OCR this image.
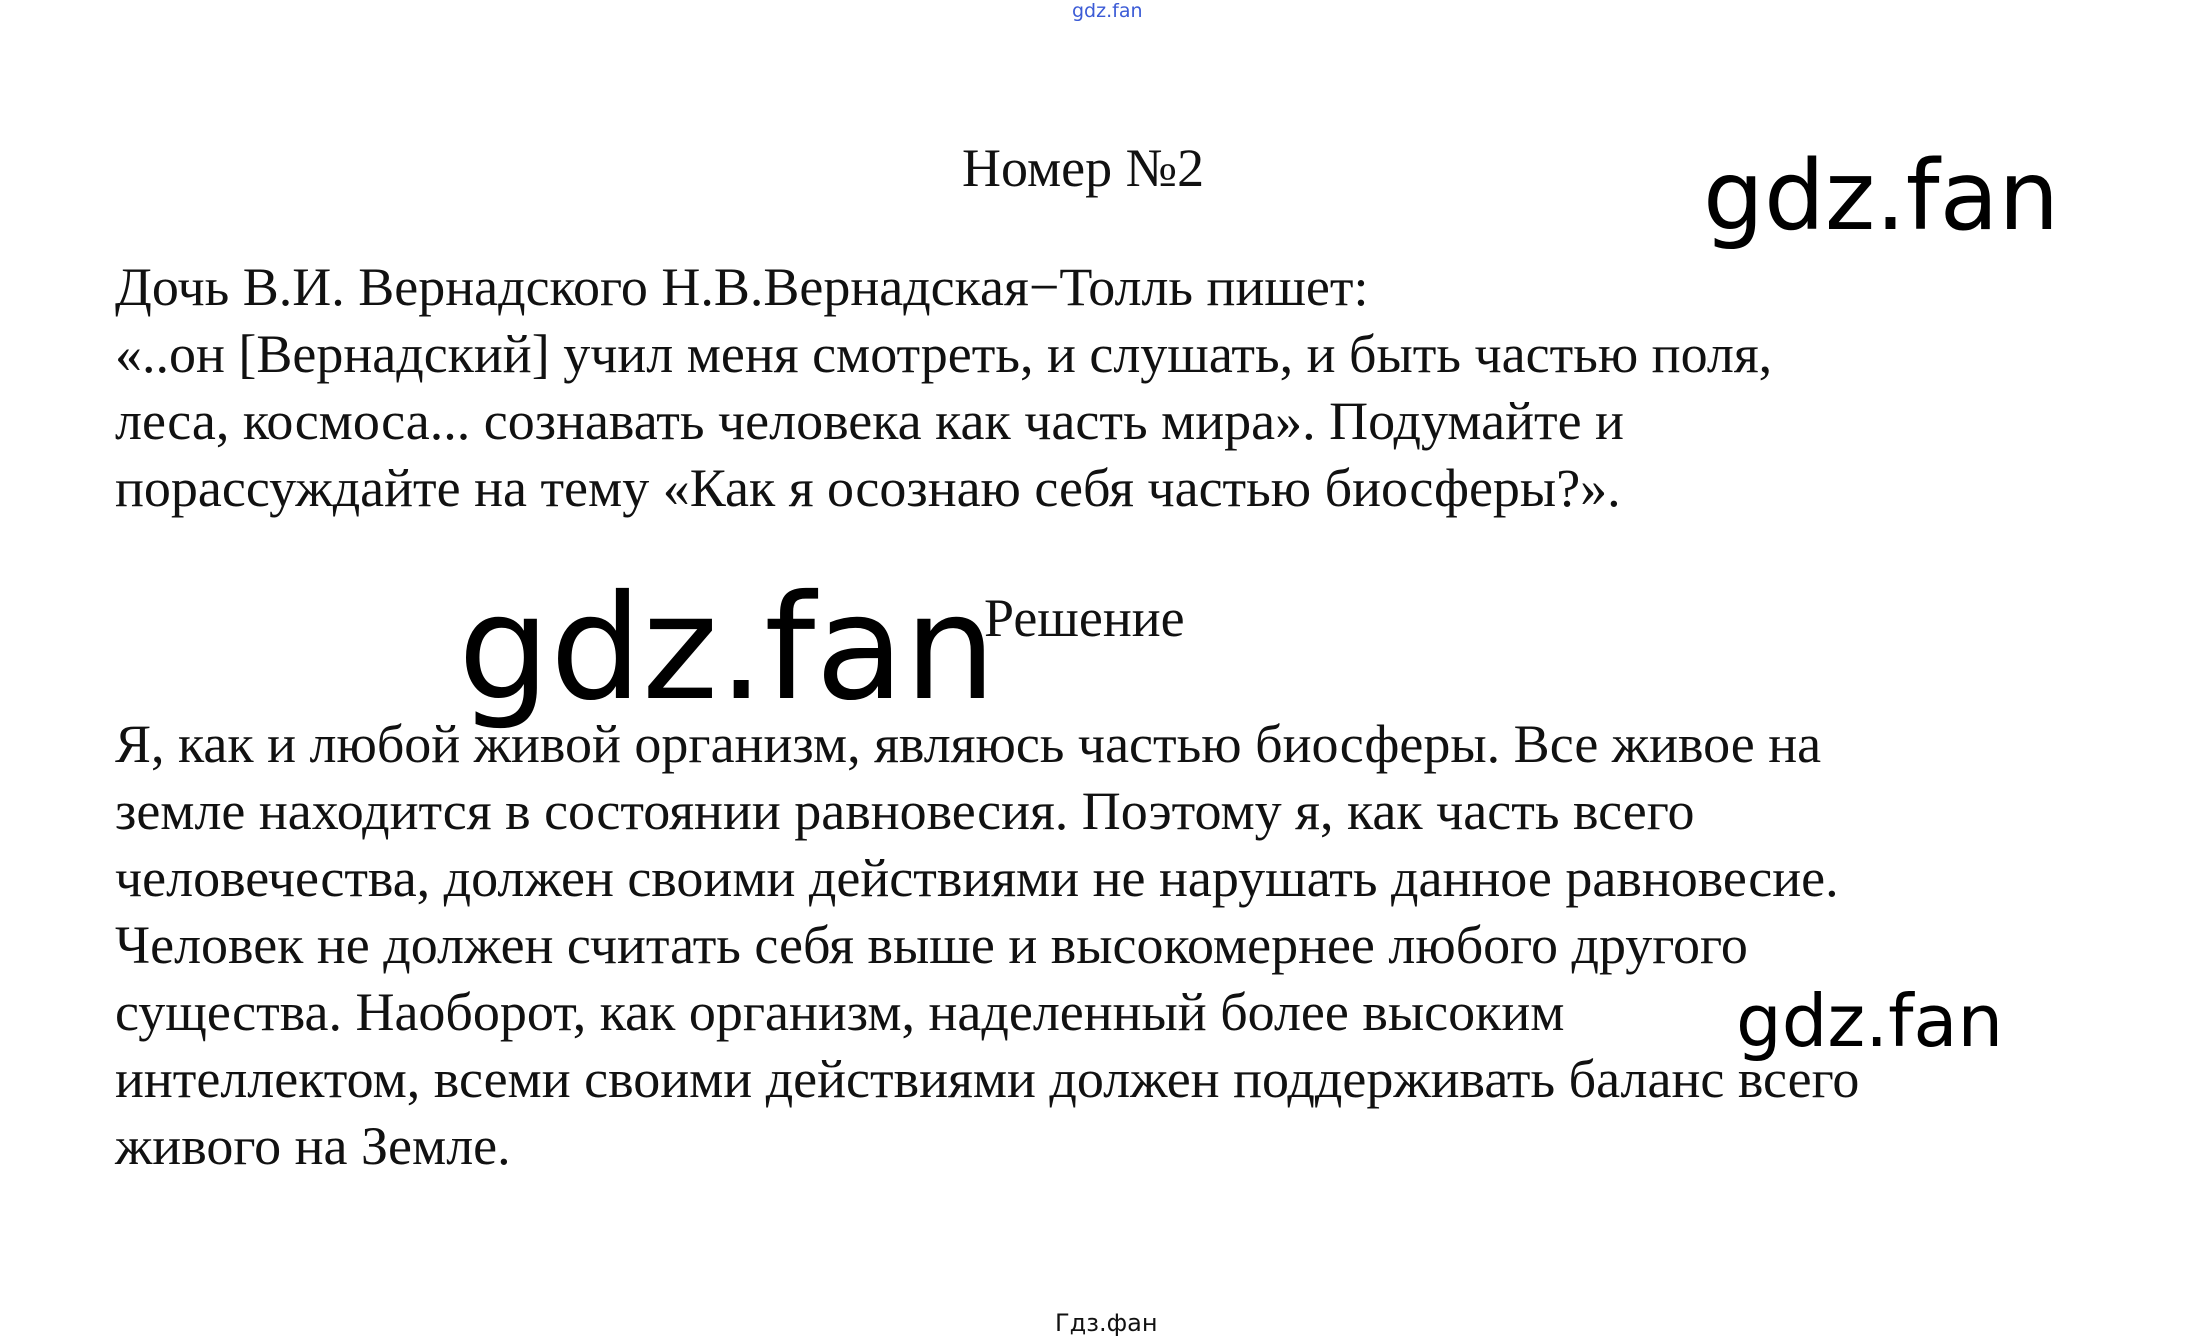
gdz.fan
Номер №2	gdz.fan
Дочь В.И. Вернадского Н.В.Вернадская−Толль пишет:
«..он [Вернадский] учил меня смотреть, и слушать, и быть частью поля,
леса, космоса... сознавать человека как часть мира». Подумайте и
порассуждайте на тему «Как я осознаю себя частью биосферы?».
Решение
Я, как и любой живой организм, являюсь частью биосферы. Все живое на
земле находится в состоянии равновесия. Поэтому я, как часть всего
человечества, должен своими действиями не нарушать данное равновесие.
Человек не должен считать себя выше и высокомернее любого другого
существа. Наоборот, как организм, наделенный более высоким
интеллектом, всеми своими действиями должен поддерживать баланс всего
живого на Земле.
gdz.fan
gdz.fan
Гдз.фан
